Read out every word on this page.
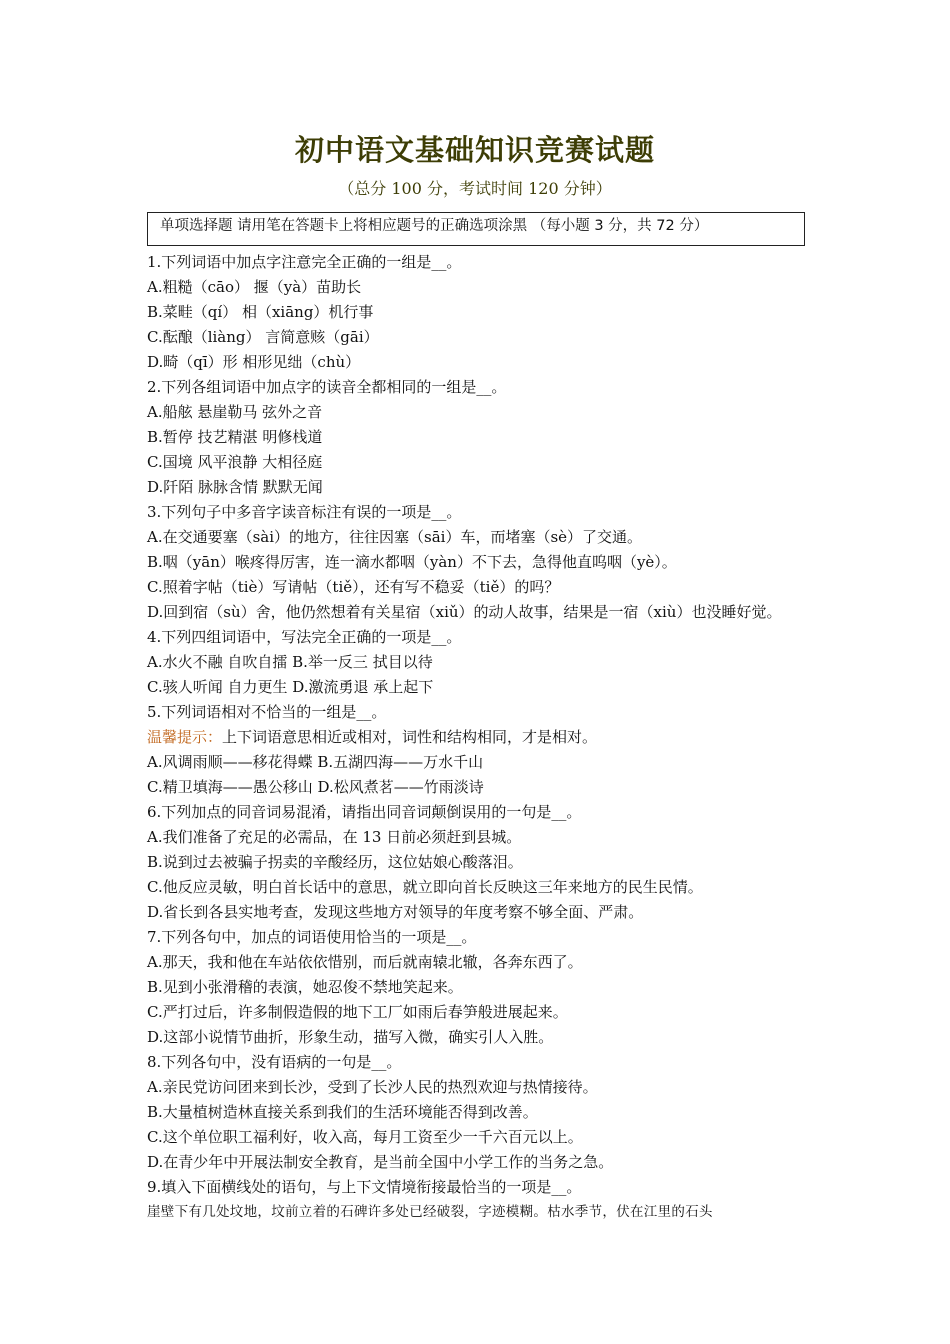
初中语文基础知识竞赛试题
（总分 100 分，考试时间 120 分钟）
单项选择题 请用笔在答题卡上将相应题号的正确选项涂黑 （每小题 3 分，共 72 分）
1.下列词语中加点字注意完全正确的一组是__。
A.粗糙（cāo） 揠（yà）苗助长
B.菜畦（qí） 相（xiāng）机行事
C.酝酿（liàng） 言简意赅（gāi）
D.畸（qī）形 相形见绌（chù）
2.下列各组词语中加点字的读音全都相同的一组是__。
A.船舷 悬崖勒马 弦外之音
B.暂停 技艺精湛 明修栈道
C.国境 风平浪静 大相径庭
D.阡陌 脉脉含情 默默无闻
3.下列句子中多音字读音标注有误的一项是__。
A.在交通要塞（sài）的地方，往往因塞（sāi）车，而堵塞（sè）了交通。
B.咽（yān）喉疼得厉害，连一滴水都咽（yàn）不下去，急得他直呜咽（yè）。
C.照着字帖（tiè）写请帖（tiě），还有写不稳妥（tiě）的吗？
D.回到宿（sù）舍，他仍然想着有关星宿（xiǔ）的动人故事，结果是一宿（xiù）也没睡好觉。
4.下列四组词语中，写法完全正确的一项是__。
A.水火不融 自吹自擂 B.举一反三 拭目以待
C.骇人听闻 自力更生 D.激流勇退 承上起下
5.下列词语相对不恰当的一组是__。
温馨提示：上下词语意思相近或相对，词性和结构相同，才是相对。
A.风调雨顺——移花得蝶 B.五湖四海——万水千山
C.精卫填海——愚公移山 D.松风煮茗——竹雨淡诗
6.下列加点的同音词易混淆，请指出同音词颠倒误用的一句是__。
A.我们准备了充足的必需品，在 13 日前必须赶到县城。
B.说到过去被骗子拐卖的辛酸经历，这位姑娘心酸落泪。
C.他反应灵敏，明白首长话中的意思，就立即向首长反映这三年来地方的民生民情。
D.省长到各县实地考查，发现这些地方对领导的年度考察不够全面、严肃。
7.下列各句中，加点的词语使用恰当的一项是__。
A.那天，我和他在车站依依惜别，而后就南辕北辙，各奔东西了。
B.见到小张滑稽的表演，她忍俊不禁地笑起来。
C.严打过后，许多制假造假的地下工厂如雨后春笋般进展起来。
D.这部小说情节曲折，形象生动，描写入微，确实引人入胜。
8.下列各句中，没有语病的一句是__。
A.亲民党访问团来到长沙，受到了长沙人民的热烈欢迎与热情接待。
B.大量植树造林直接关系到我们的生活环境能否得到改善。
C.这个单位职工福利好，收入高，每月工资至少一千六百元以上。
D.在青少年中开展法制安全教育，是当前全国中小学工作的当务之急。
9.填入下面横线处的语句，与上下文情境衔接最恰当的一项是__。
崖壁下有几处坟地，坟前立着的石碑许多处已经破裂，字迹模糊。枯水季节，伏在江里的石头
